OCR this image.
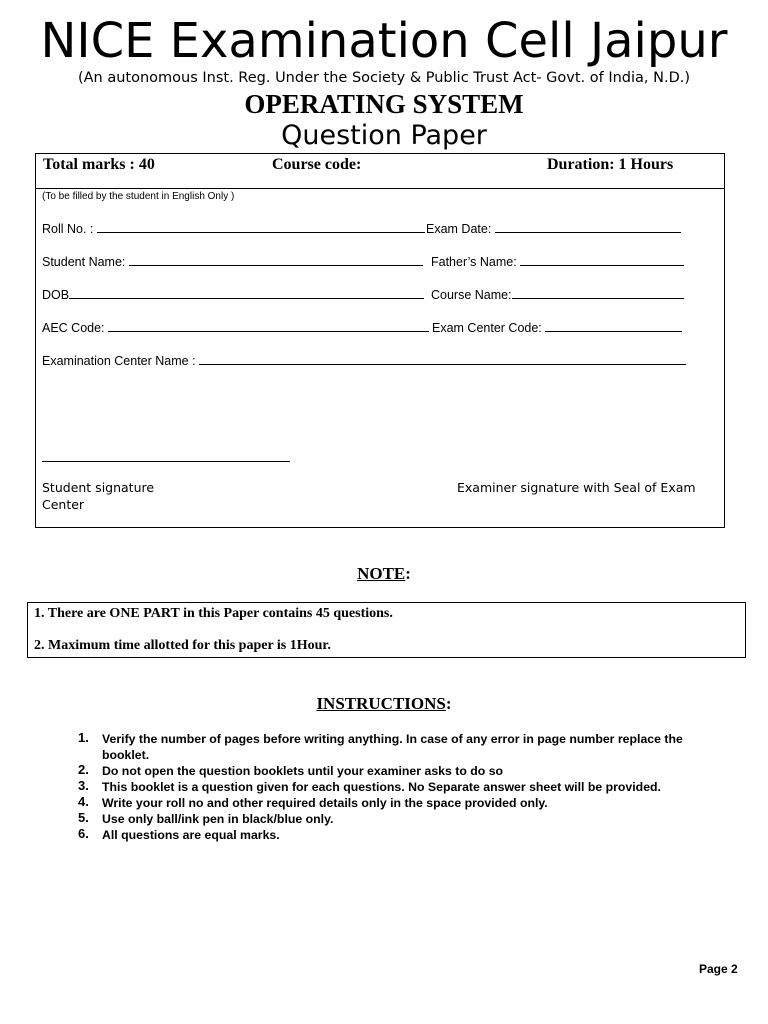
NICE Examination Cell Jaipur
(An autonomous Inst. Reg. Under the Society & Public Trust Act- Govt. of India, N.D.)
OPERATING SYSTEM
Question Paper
Total marks : 40	Course code:	Duration: 1 Hours
(To be filled by the student in English Only )
Roll No. :	Exam Date:
Student Name:	Father’s Name:
DOB	Course Name:
AEC Code:	Exam Center Code:
Examination Center Name :
Student signature	Examiner signature with Seal of Exam
Center
NOTE:
1. There are ONE PART in this Paper contains 45 questions.
2. Maximum time allotted for this paper is 1Hour.
INSTRUCTIONS:
1. Verify the number of pages before writing anything. In case of any error in page number replace the booklet.
2. Do not open the question booklets until your examiner asks to do so
3. This booklet is a question given for each questions. No Separate answer sheet will be provided.
4. Write your roll no and other required details only in the space provided only.
5. Use only ball/ink pen in black/blue only.
6. All questions are equal marks.
Page 2
